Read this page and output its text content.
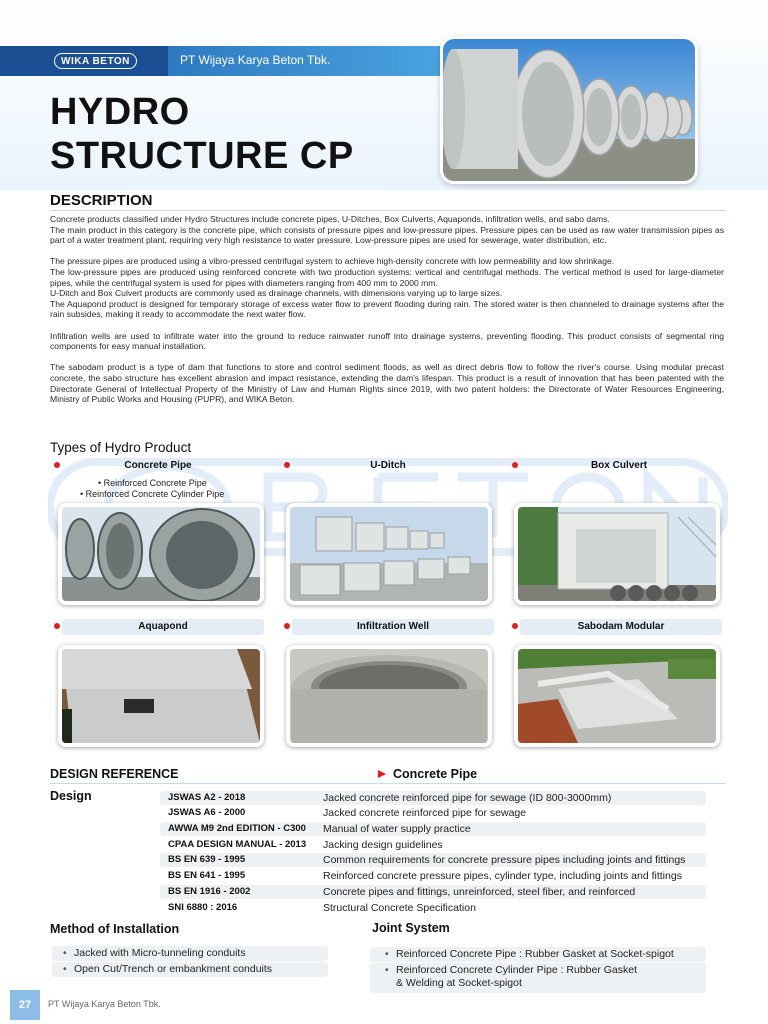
WIKA BETON	PT Wijaya Karya Beton Tbk.
HYDRO
STRUCTURE CP
DESCRIPTION

Concrete products classified under Hydro Structures include concrete pipes, U-Ditches, Box Culverts, Aquaponds, infiltration wells, and sabo dams.
The main product in this category is the concrete pipe, which consists of pressure pipes and low-pressure pipes. Pressure pipes can be used as raw water transmission pipes as part of a water treatment plant, requiring very high resistance to water pressure. Low-pressure pipes are used for sewerage, water distribution, etc.

The pressure pipes are produced using a vibro-pressed centrifugal system to achieve high-density concrete with low permeability and low shrinkage.
The low-pressure pipes are produced using reinforced concrete with two production systems: vertical and centrifugal methods. The vertical method is used for large-diameter pipes, while the centrifugal system is used for pipes with diameters ranging from 400 mm to 2000 mm.
U-Ditch and Box Culvert products are commonly used as drainage channels, with dimensions varying up to large sizes.
The Aquapond product is designed for temporary storage of excess water flow to prevent flooding during rain. The stored water is then channeled to drainage systems after the rain subsides, making it ready to accommodate the next water flow.

Infiltration wells are used to infiltrate water into the ground to reduce rainwater runoff into drainage systems, preventing flooding. This product consists of segmental ring components for easy manual installation.

The sabodam product is a type of dam that functions to store and control sediment floods, as well as direct debris flow to follow the river's course. Using modular precast concrete, the sabo structure has excellent abrasion and impact resistance, extending the dam's lifespan. This product is a result of innovation that has been patented with the Directorate General of Intellectual Property of the Ministry of Law and Human Rights since 2019, with two patent holders: the Directorate of Water Resources Engineering, Ministry of Public Works and Housing (PUPR), and WIKA Beton.

Types of Hydro Product
Concrete Pipe	U-Ditch	Box Culvert
• Reinforced Concrete Pipe
• Reinforced Concrete Cylinder Pipe
Aquapond	Infiltration Well	Sabodam Modular
DESIGN REFERENCE	Concrete Pipe
Design	JSWAS A2 - 2018	Jacked concrete reinforced pipe for sewage (ID 800-3000mm)
JSWAS A6 - 2000	Jacked concrete reinforced pipe for sewage
AWWA M9 2nd EDITION - C300 Manual of water supply practice
CPAA DESIGN MANUAL - 2013 Jacking design guidelines
BS EN 639 - 1995	Common requirements for concrete pressure pipes including joints and fittings
BS EN 641 - 1995	Reinforced concrete pressure pipes, cylinder type, including joints and fittings
BS EN 1916 - 2002	Concrete pipes and fittings, unreinforced, steel fiber, and reinforced
SNI 6880 : 2016	Structural Concrete Specification
Method of Installation
• Jacked with Micro-tunneling conduits
• Open Cut/Trench or embankment conduits
Joint System
• Reinforced Concrete Pipe : Rubber Gasket at Socket-spigot
• Reinforced Concrete Cylinder Pipe : Rubber Gasket
& Welding at Socket-spigot
27	PT Wijaya Karya Beton Tbk.
